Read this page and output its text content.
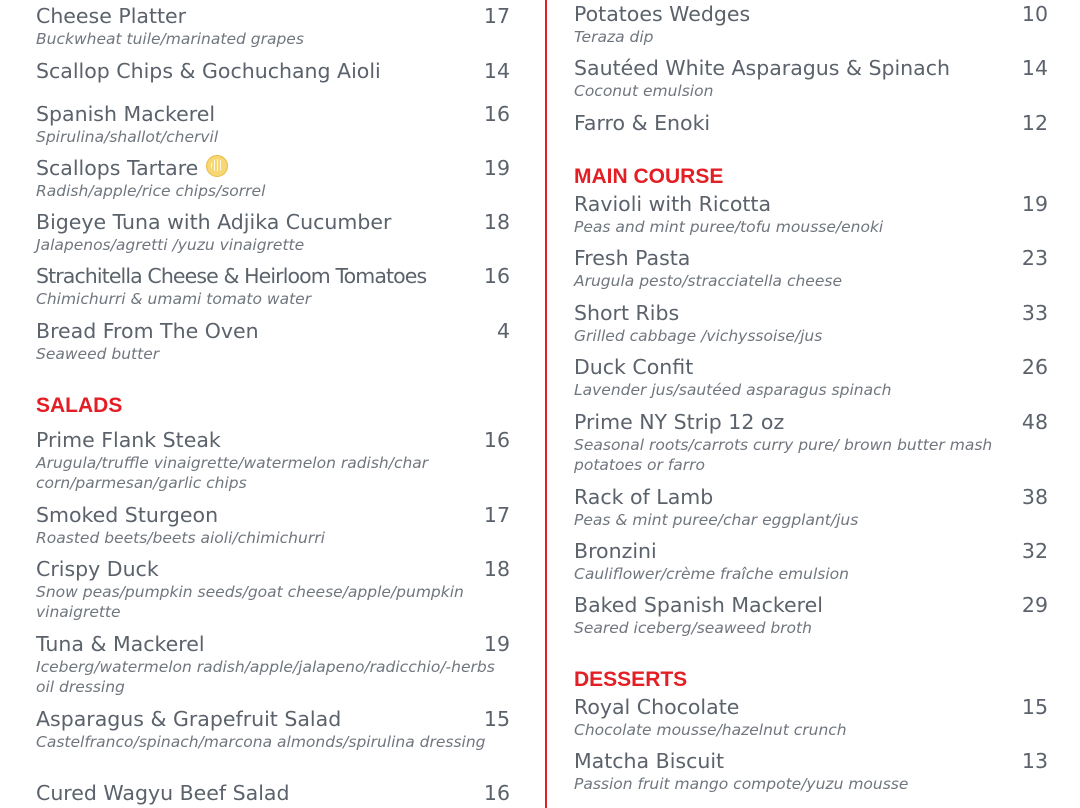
Cheese Platter	17
Buckwheat tuile/marinated grapes
Scallop Chips & Gochuchang Aioli	14
Spanish Mackerel	16
Spirulina/shallot/chervil
Scallops Tartare	19
Radish/apple/rice chips/sorrel
Bigeye Tuna with Adjika Cucumber	18
Jalapenos/agretti /yuzu vinaigrette
Strachitella Cheese & Heirloom Tomatoes	16
Chimichurri & umami tomato water
Bread From The Oven	4
Seaweed butter
SALADS
Prime Flank Steak	16
Arugula/truffle vinaigrette/watermelon radish/char corn/parmesan/garlic chips
Smoked Sturgeon	17
Roasted beets/beets aioli/chimichurri
Crispy Duck	18
Snow peas/pumpkin seeds/goat cheese/apple/pumpkin vinaigrette
Tuna & Mackerel	19
Iceberg/watermelon radish/apple/jalapeno/radicchio/-herbs oil dressing
Asparagus & Grapefruit Salad	15
Castelfranco/spinach/marcona almonds/spirulina dressing
Cured Wagyu Beef Salad	16
Potatoes Wedges	10
Teraza dip
Sautéed White Asparagus & Spinach	14
Coconut emulsion
Farro & Enoki	12
MAIN COURSE
Ravioli with Ricotta	19
Peas and mint puree/tofu mousse/enoki
Fresh Pasta	23
Arugula pesto/stracciatella cheese
Short Ribs	33
Grilled cabbage /vichyssoise/jus
Duck Confit	26
Lavender jus/sautéed asparagus spinach
Prime NY Strip 12 oz	48
Seasonal roots/carrots curry pure/ brown butter mash potatoes or farro
Rack of Lamb	38
Peas & mint puree/char eggplant/jus
Bronzini	32
Cauliflower/crème fraîche emulsion
Baked Spanish Mackerel	29
Seared iceberg/seaweed broth
DESSERTS
Royal Chocolate	15
Chocolate mousse/hazelnut crunch
Matcha Biscuit	13
Passion fruit mango compote/yuzu mousse
